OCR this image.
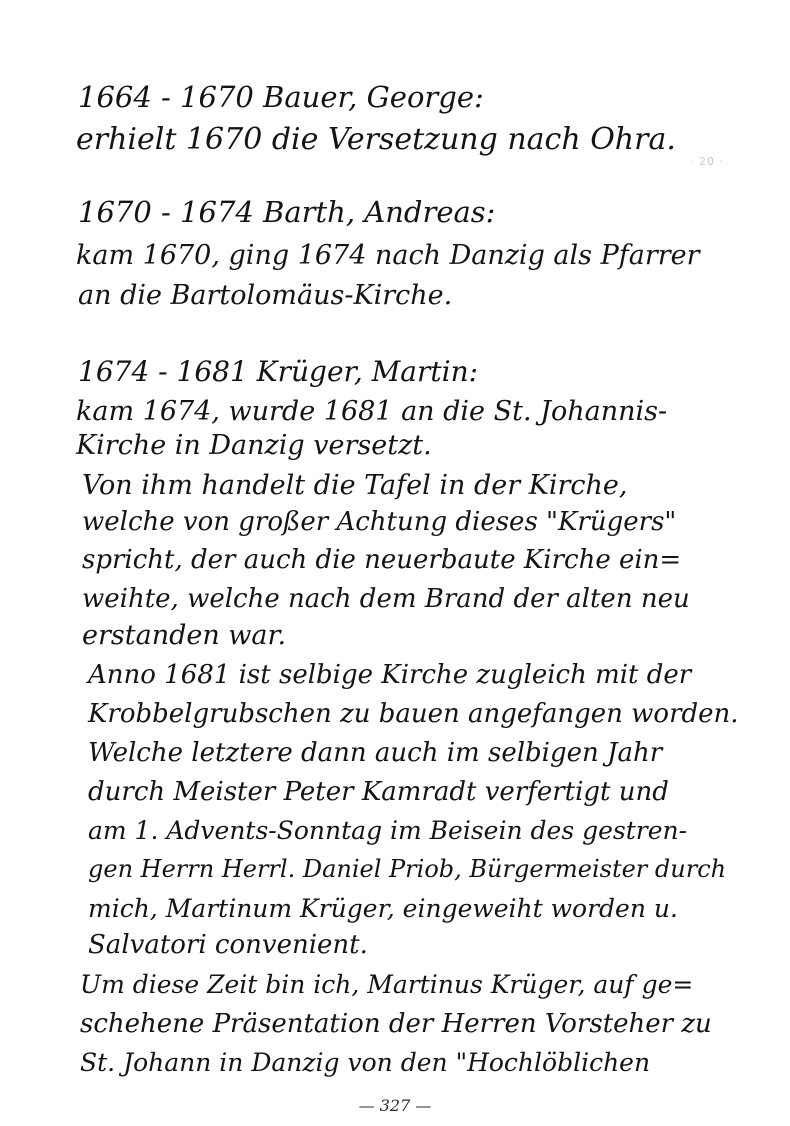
1664 - 1670 Bauer, George:
erhielt 1670 die Versetzung nach Ohra.
· 20 ·
1670 - 1674 Barth, Andreas:
kam 1670, ging 1674 nach Danzig als Pfarrer
an die Bartolomäus-Kirche.
1674 - 1681 Krüger, Martin:
kam 1674, wurde 1681 an die St. Johannis-
Kirche in Danzig versetzt.
Von ihm handelt die Tafel in der Kirche,
welche von großer Achtung dieses "Krügers"
spricht, der auch die neuerbaute Kirche ein=
weihte, welche nach dem Brand der alten neu
erstanden war.
Anno 1681 ist selbige Kirche zugleich mit der
Krobbelgrubschen zu bauen angefangen worden.
Welche letztere dann auch im selbigen Jahr
durch Meister Peter Kamradt verfertigt und
am 1. Advents-Sonntag im Beisein des gestren-
gen Herrn Herrl. Daniel Priob, Bürgermeister durch
mich, Martinum Krüger, eingeweiht worden u.
Salvatori convenient.
Um diese Zeit bin ich, Martinus Krüger, auf ge=
schehene Präsentation der Herren Vorsteher zu
St. Johann in Danzig von den "Hochlöblichen
— 327 —
